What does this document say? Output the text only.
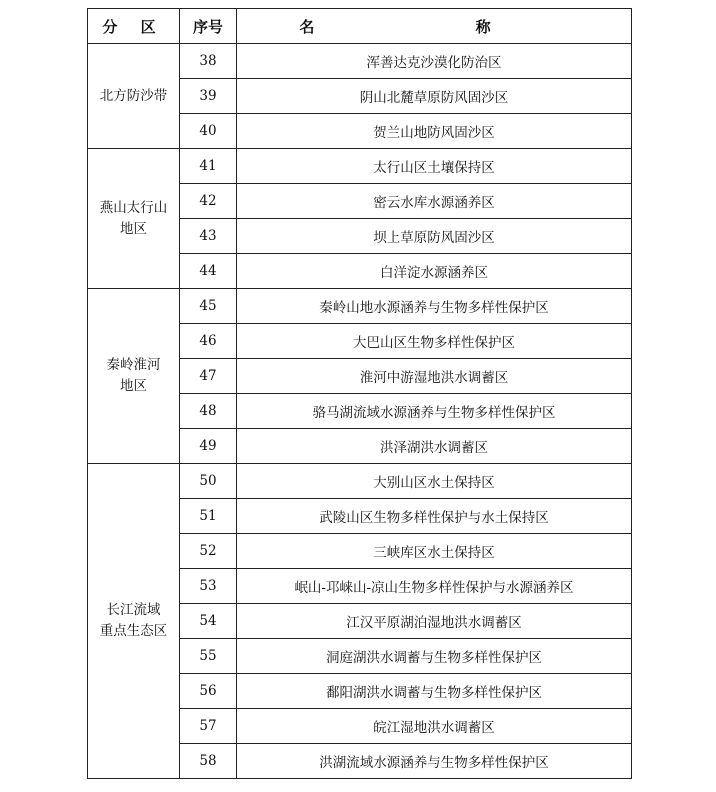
分 区	序号	名 称

北方防沙带	38	浑善达克沙漠化防治区
	39	阴山北麓草原防风固沙区
	40	贺兰山地防风固沙区

燕山太行山
地区	41	太行山区土壤保持区
	42	密云水库水源涵养区
	43	坝上草原防风固沙区
	44	白洋淀水源涵养区

秦岭淮河
地区	45	秦岭山地水源涵养与生物多样性保护区
	46	大巴山区生物多样性保护区
	47	淮河中游湿地洪水调蓄区
	48	骆马湖流域水源涵养与生物多样性保护区
	49	洪泽湖洪水调蓄区

长江流域
重点生态区	50	大别山区水土保持区
	51	武陵山区生物多样性保护与水土保持区
	52	三峡库区水土保持区
	53	岷山-邛崃山-凉山生物多样性保护与水源涵养区
	54	江汉平原湖泊湿地洪水调蓄区
	55	洞庭湖洪水调蓄与生物多样性保护区
	56	鄱阳湖洪水调蓄与生物多样性保护区
	57	皖江湿地洪水调蓄区
	58	洪湖流域水源涵养与生物多样性保护区
